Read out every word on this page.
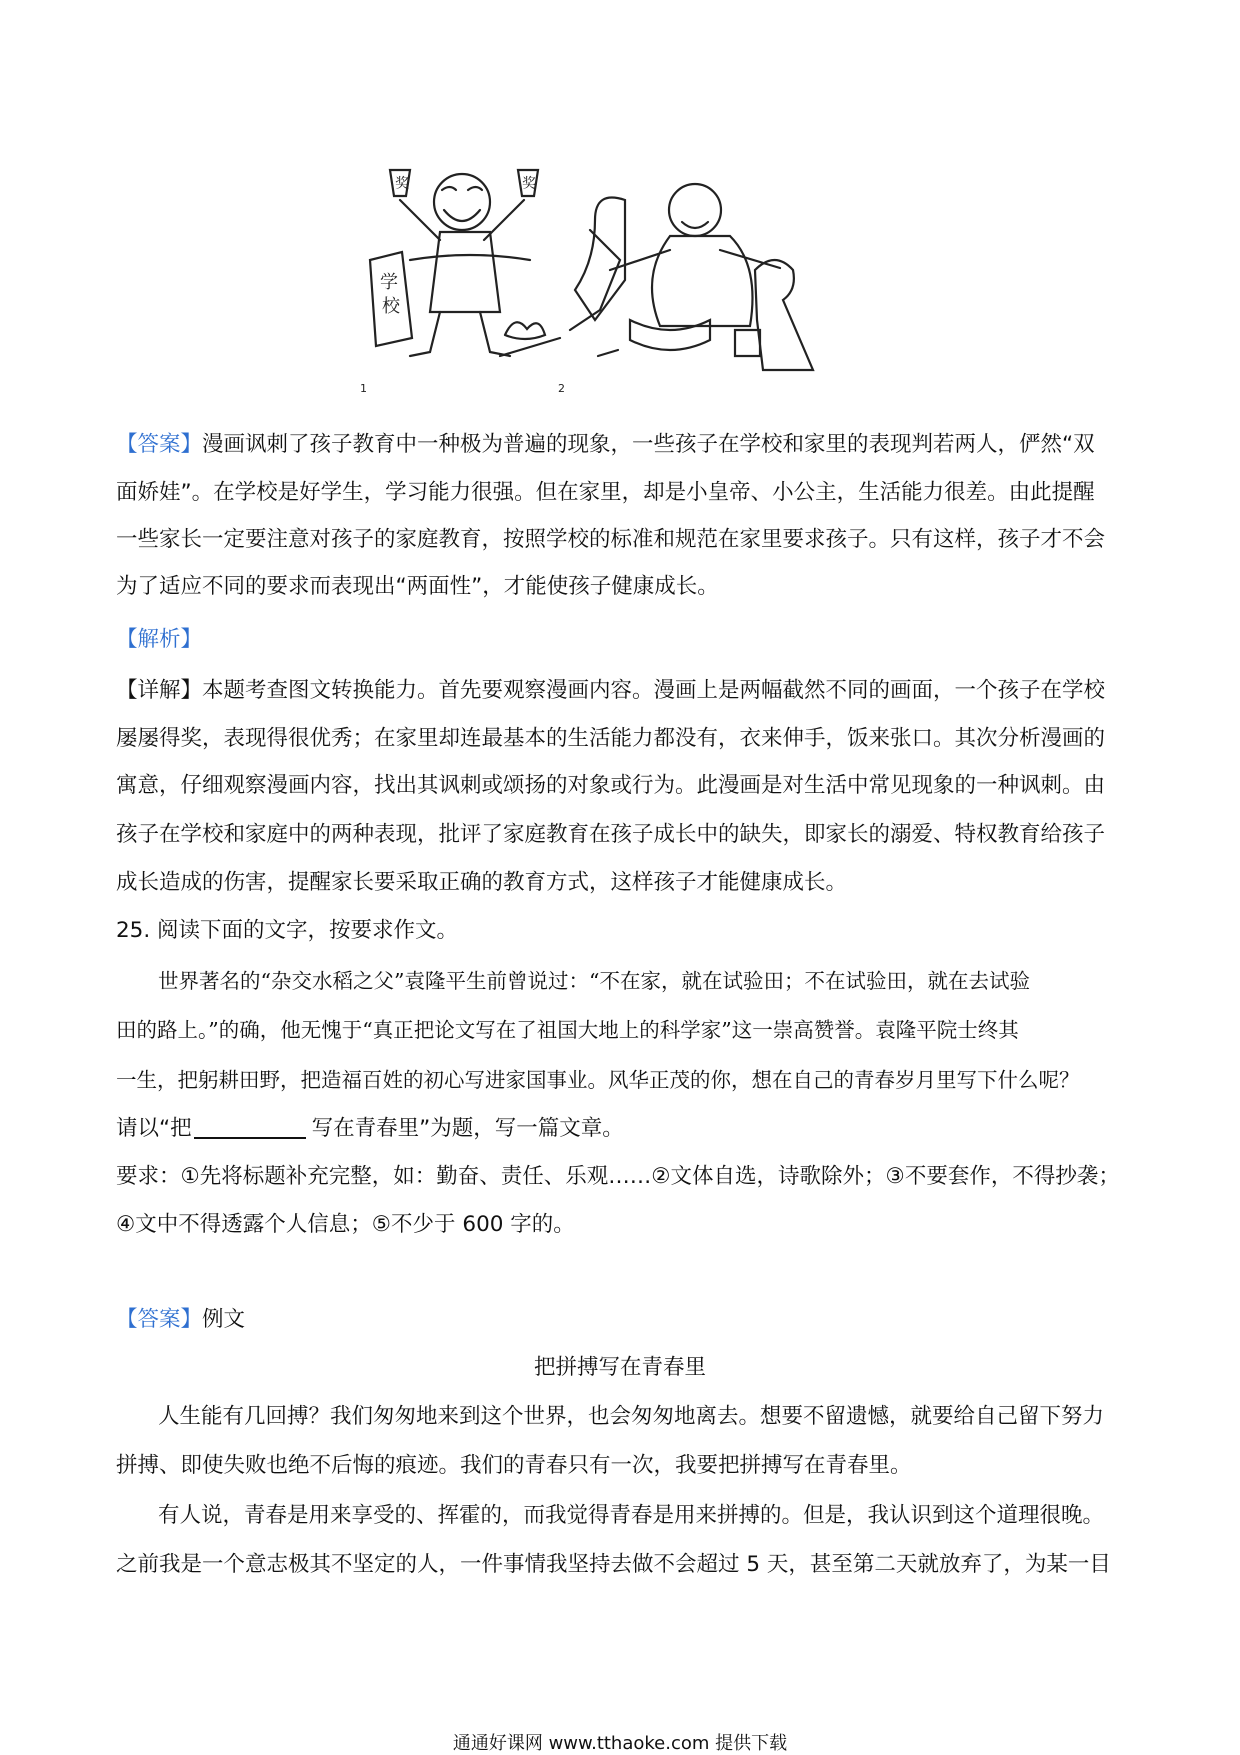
奖	奖
学
校
1	2
【答案】漫画讽刺了孩子教育中一种极为普遍的现象，一些孩子在学校和家里的表现判若两人，俨然“双
面娇娃”。在学校是好学生，学习能力很强。但在家里，却是小皇帝、小公主，生活能力很差。由此提醒
一些家长一定要注意对孩子的家庭教育，按照学校的标准和规范在家里要求孩子。只有这样，孩子才不会
为了适应不同的要求而表现出“两面性”，才能使孩子健康成长。
【解析】
【详解】本题考查图文转换能力。首先要观察漫画内容。漫画上是两幅截然不同的画面，一个孩子在学校
屡屡得奖，表现得很优秀；在家里却连最基本的生活能力都没有，衣来伸手，饭来张口。其次分析漫画的
寓意，仔细观察漫画内容，找出其讽刺或颂扬的对象或行为。此漫画是对生活中常见现象的一种讽刺。由
孩子在学校和家庭中的两种表现，批评了家庭教育在孩子成长中的缺失，即家长的溺爱、特权教育给孩子
成长造成的伤害，提醒家长要采取正确的教育方式，这样孩子才能健康成长。
25. 阅读下面的文字，按要求作文。
世界著名的“杂交水稻之父”袁隆平生前曾说过：“不在家，就在试验田；不在试验田，就在去试验
田的路上。”的确，他无愧于“真正把论文写在了祖国大地上的科学家”这一崇高赞誉。袁隆平院士终其
一生，把躬耕田野，把造福百姓的初心写进家国事业。风华正茂的你，想在自己的青春岁月里写下什么呢？
请以“把	写在青春里”为题，写一篇文章。
要求：①先将标题补充完整，如：勤奋、责任、乐观……②文体自选，诗歌除外；③不要套作，不得抄袭；
④文中不得透露个人信息；⑤不少于 600 字的。
【答案】例文
把拼搏写在青春里
人生能有几回搏？我们匆匆地来到这个世界，也会匆匆地离去。想要不留遗憾，就要给自己留下努力
拼搏、即使失败也绝不后悔的痕迹。我们的青春只有一次，我要把拼搏写在青春里。
有人说，青春是用来享受的、挥霍的，而我觉得青春是用来拼搏的。但是，我认识到这个道理很晚。
之前我是一个意志极其不坚定的人，一件事情我坚持去做不会超过 5 天，甚至第二天就放弃了，为某一目
通通好课网 www.tthaoke.com 提供下载
